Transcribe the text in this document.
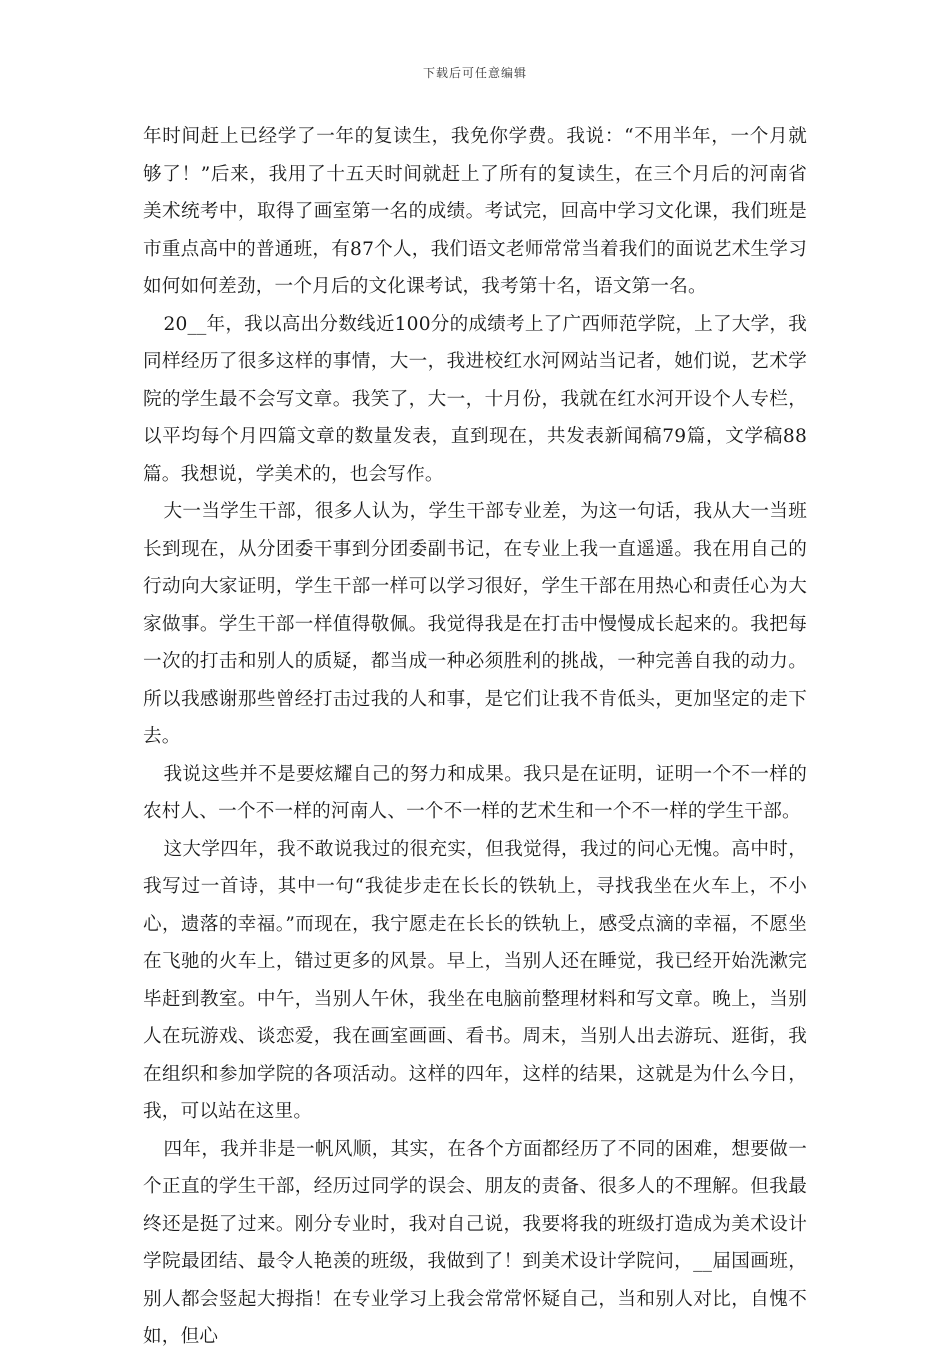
下载后可任意编辑

年时间赶上已经学了一年的复读生，我免你学费。我说：“不用半年，一个月就够了！”后来，我用了十五天时间就赶上了所有的复读生，在三个月后的河南省美术统考中，取得了画室第一名的成绩。考试完，回高中学习文化课，我们班是市重点高中的普通班，有87个人，我们语文老师常常当着我们的面说艺术生学习如何如何差劲，一个月后的文化课考试，我考第十名，语文第一名。

20__年，我以高出分数线近100分的成绩考上了广西师范学院，上了大学，我同样经历了很多这样的事情，大一，我进校红水河网站当记者，她们说，艺术学院的学生最不会写文章。我笑了，大一，十月份，我就在红水河开设个人专栏，以平均每个月四篇文章的数量发表，直到现在，共发表新闻稿79篇，文学稿88篇。我想说，学美术的，也会写作。

大一当学生干部，很多人认为，学生干部专业差，为这一句话，我从大一当班长到现在，从分团委干事到分团委副书记，在专业上我一直遥遥。我在用自己的行动向大家证明，学生干部一样可以学习很好，学生干部在用热心和责任心为大家做事。学生干部一样值得敬佩。我觉得我是在打击中慢慢成长起来的。我把每一次的打击和别人的质疑，都当成一种必须胜利的挑战，一种完善自我的动力。所以我感谢那些曾经打击过我的人和事，是它们让我不肯低头，更加坚定的走下去。

我说这些并不是要炫耀自己的努力和成果。我只是在证明，证明一个不一样的农村人、一个不一样的河南人、一个不一样的艺术生和一个不一样的学生干部。

这大学四年，我不敢说我过的很充实，但我觉得，我过的问心无愧。高中时，我写过一首诗，其中一句“我徒步走在长长的铁轨上，寻找我坐在火车上，不小心，遗落的幸福。”而现在，我宁愿走在长长的铁轨上，感受点滴的幸福，不愿坐在飞驰的火车上，错过更多的风景。早上，当别人还在睡觉，我已经开始洗漱完毕赶到教室。中午，当别人午休，我坐在电脑前整理材料和写文章。晚上，当别人在玩游戏、谈恋爱，我在画室画画、看书。周末，当别人出去游玩、逛街，我在组织和参加学院的各项活动。这样的四年，这样的结果，这就是为什么今日，我，可以站在这里。

四年，我并非是一帆风顺，其实，在各个方面都经历了不同的困难，想要做一个正直的学生干部，经历过同学的误会、朋友的责备、很多人的不理解。但我最终还是挺了过来。刚分专业时，我对自己说，我要将我的班级打造成为美术设计学院最团结、最令人艳羡的班级，我做到了！到美术设计学院问，__届国画班，别人都会竖起大拇指！在专业学习上我会常常怀疑自己，当和别人对比，自愧不如，但心
